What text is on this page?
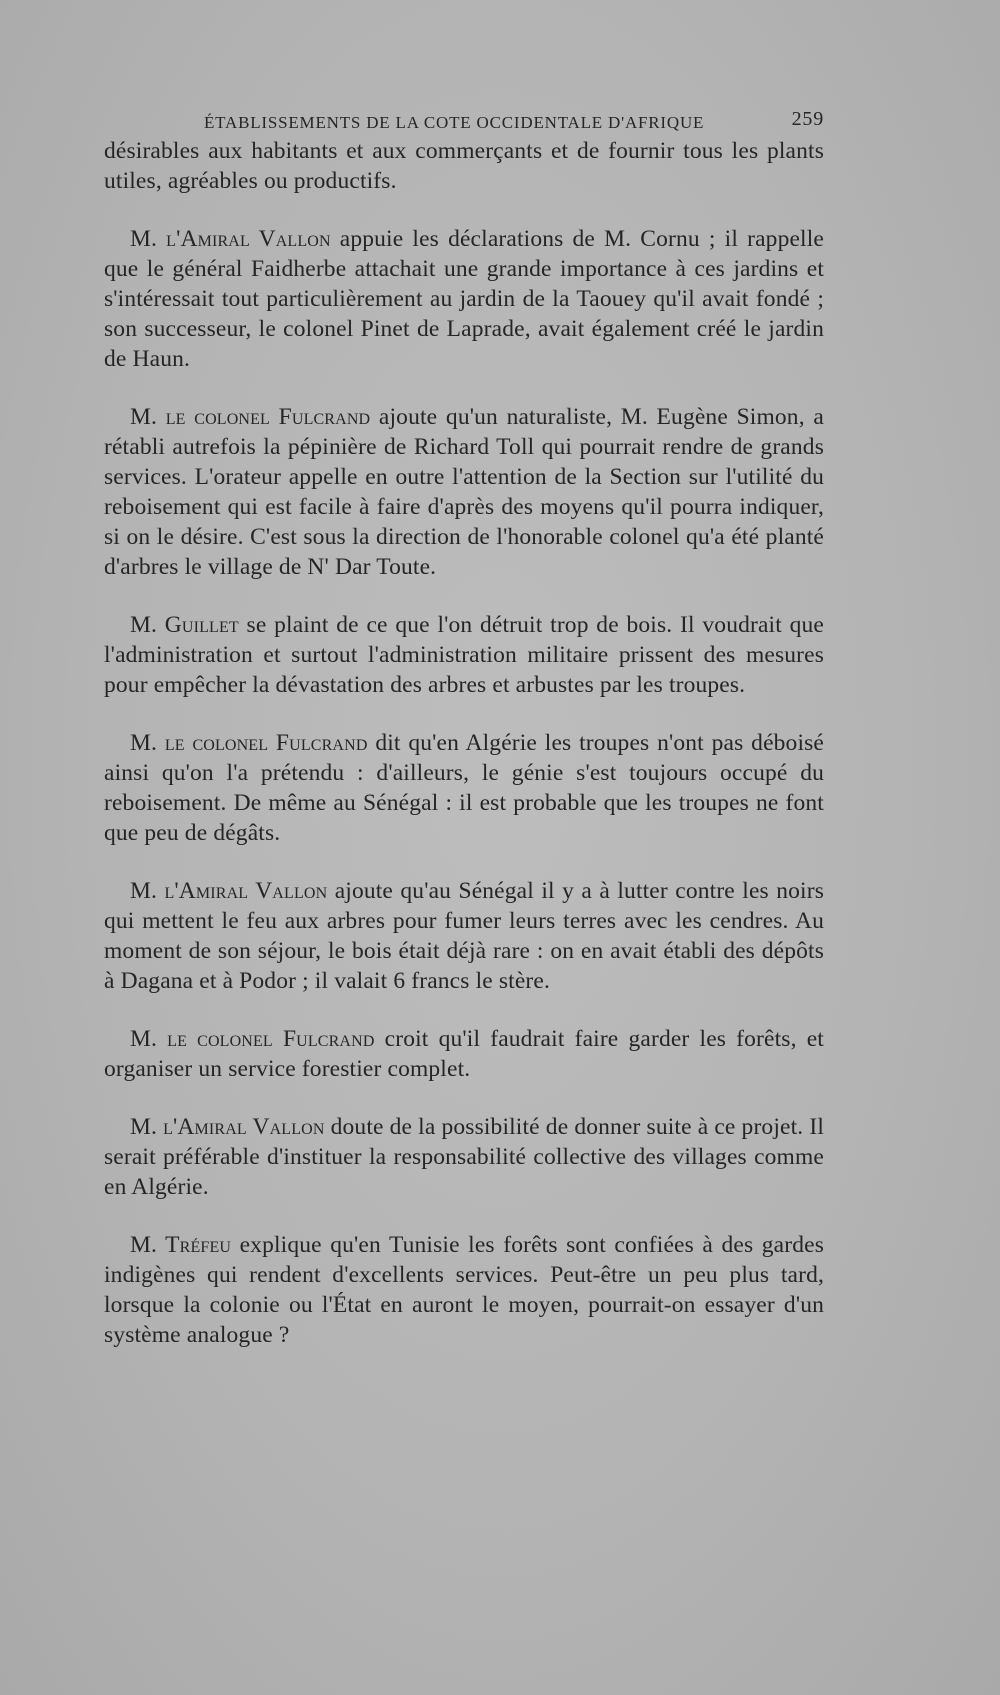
ÉTABLISSEMENTS DE LA COTE OCCIDENTALE D'AFRIQUE	259

désirables aux habitants et aux commerçants et de fournir tous les plants utiles, agréables ou productifs.

M. l'Amiral Vallon appuie les déclarations de M. Cornu ; il rappelle que le général Faidherbe attachait une grande importance à ces jardins et s'intéressait tout particulièrement au jardin de la Taouey qu'il avait fondé ; son successeur, le colonel Pinet de Laprade, avait également créé le jardin de Haun.

M. le colonel Fulcrand ajoute qu'un naturaliste, M. Eugène Simon, a rétabli autrefois la pépinière de Richard Toll qui pourrait rendre de grands services. L'orateur appelle en outre l'attention de la Section sur l'utilité du reboisement qui est facile à faire d'après des moyens qu'il pourra indiquer, si on le désire. C'est sous la direction de l'honorable colonel qu'a été planté d'arbres le village de N' Dar Toute.

M. Guillet se plaint de ce que l'on détruit trop de bois. Il voudrait que l'administration et surtout l'administration militaire prissent des mesures pour empêcher la dévastation des arbres et arbustes par les troupes.

M. le colonel Fulcrand dit qu'en Algérie les troupes n'ont pas déboisé ainsi qu'on l'a prétendu : d'ailleurs, le génie s'est toujours occupé du reboisement. De même au Sénégal : il est probable que les troupes ne font que peu de dégâts.

M. l'Amiral Vallon ajoute qu'au Sénégal il y a à lutter contre les noirs qui mettent le feu aux arbres pour fumer leurs terres avec les cendres. Au moment de son séjour, le bois était déjà rare : on en avait établi des dépôts à Dagana et à Podor ; il valait 6 francs le stère.

M. le colonel Fulcrand croit qu'il faudrait faire garder les forêts, et organiser un service forestier complet.

M. l'Amiral Vallon doute de la possibilité de donner suite à ce projet. Il serait préférable d'instituer la responsabilité collective des villages comme en Algérie.

M. Tréfeu explique qu'en Tunisie les forêts sont confiées à des gardes indigènes qui rendent d'excellents services. Peut-être un peu plus tard, lorsque la colonie ou l'État en auront le moyen, pourrait-on essayer d'un système analogue ?
